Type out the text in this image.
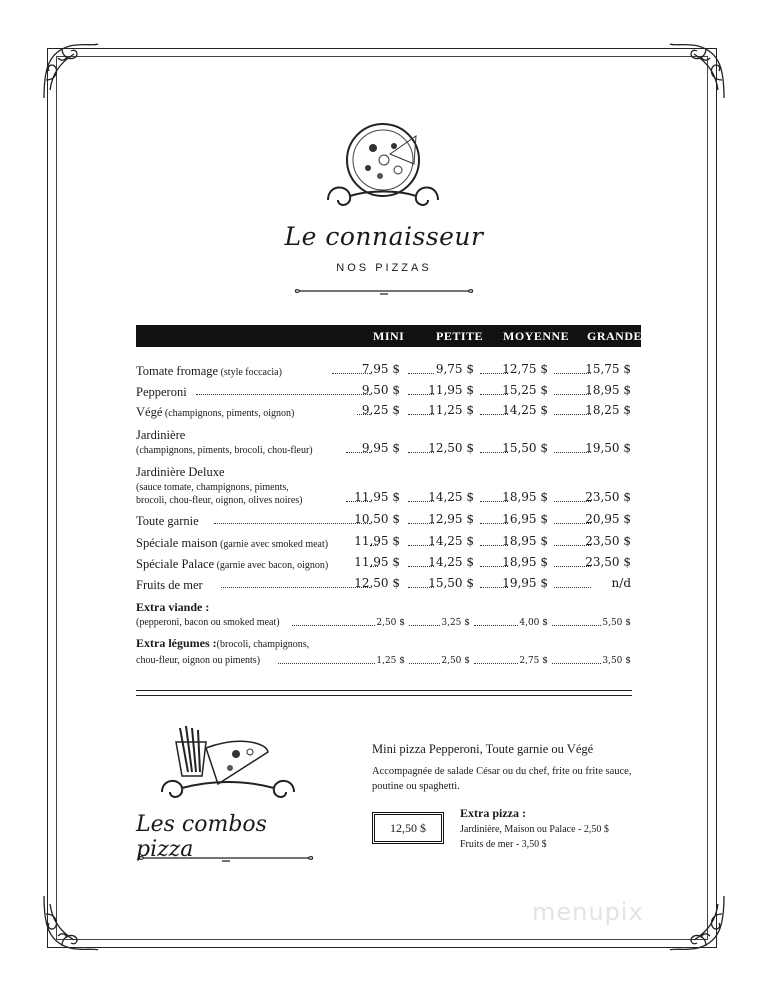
Le connaisseur
NOS PIZZAS
MINI	PETITE MOYENNE GRANDE
Tomate fromage (style foccacia)	7,95 $	9,75 $ 12,75 $	15,75 $
Pepperoni	9,50 $ 11,95 $ 15,25 $	18,95 $
Végé (champignons, piments, oignon)	9,25 $ 11,25 $ 14,25 $	18,25 $
Jardinière
(champignons, piments, brocoli, chou-fleur)	9,95 $ 12,50 $ 15,50 $	19,50 $
Jardinière Deluxe
(sauce tomate, champignons, piments,
brocoli, chou-fleur, oignon, olives noires)	11,95 $ 14,25 $ 18,95 $	23,50 $
Toute garnie	10,50 $ 12,95 $ 16,95 $	20,95 $
Spéciale maison (garnie avec smoked meat) 11,95 $ 14,25 $ 18,95 $	23,50 $
Spéciale Palace (garnie avec bacon, oignon) 11,95 $ 14,25 $ 18,95 $	23,50 $
Fruits de mer	12,50 $ 15,50 $ 19,95 $	n/d
Extra viande :
(pepperoni, bacon ou smoked meat)	2,50 $	3,25 $	4,00 $	5,50 $
Extra légumes :(brocoli, champignons,
chou-fleur, oignon ou piments)	1,25 $	2,50 $	2,75 $	3,50 $
Les combos pizza
Mini pizza Pepperoni, Toute garnie ou Végé
Accompagnée de salade César ou du chef, frite ou frite sauce, poutine ou spaghetti.
12,50 $
Extra pizza :
Jardinière, Maison ou Palace - 2,50 $
Fruits de mer - 3,50 $
menupix
